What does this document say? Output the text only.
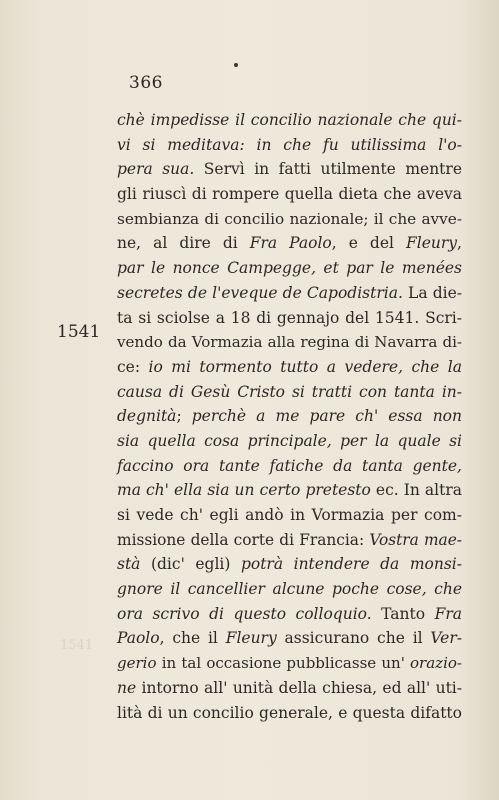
366
1541
1541
chè impedisse il concilio nazionale che qui-
vi si meditava: in che fu utilissima l'o-
pera sua. Servì in fatti utilmente mentre
gli riuscì di rompere quella dieta che aveva
sembianza di concilio nazionale; il che avve-
ne, al dire di Fra Paolo, e del Fleury,
par le nonce Campegge, et par le menées
secretes de l'eveque de Capodistria. La die-
ta si sciolse a 18 di gennajo del 1541. Scri-
vendo da Vormazia alla regina di Navarra di-
ce: io mi tormento tutto a vedere, che la
causa di Gesù Cristo si tratti con tanta in-
degnità; perchè a me pare ch' essa non
sia quella cosa principale, per la quale si
faccino ora tante fatiche da tanta gente,
ma ch' ella sia un certo pretesto ec. In altra
si vede ch' egli andò in Vormazia per com-
missione della corte di Francia: Vostra mae-
stà (dic' egli) potrà intendere da monsi-
gnore il cancellier alcune poche cose, che
ora scrivo di questo colloquio. Tanto Fra
Paolo, che il Fleury assicurano che il Ver-
gerio in tal occasione pubblicasse un' orazio-
ne intorno all' unità della chiesa, ed all' uti-
lità di un concilio generale, e questa difatto
